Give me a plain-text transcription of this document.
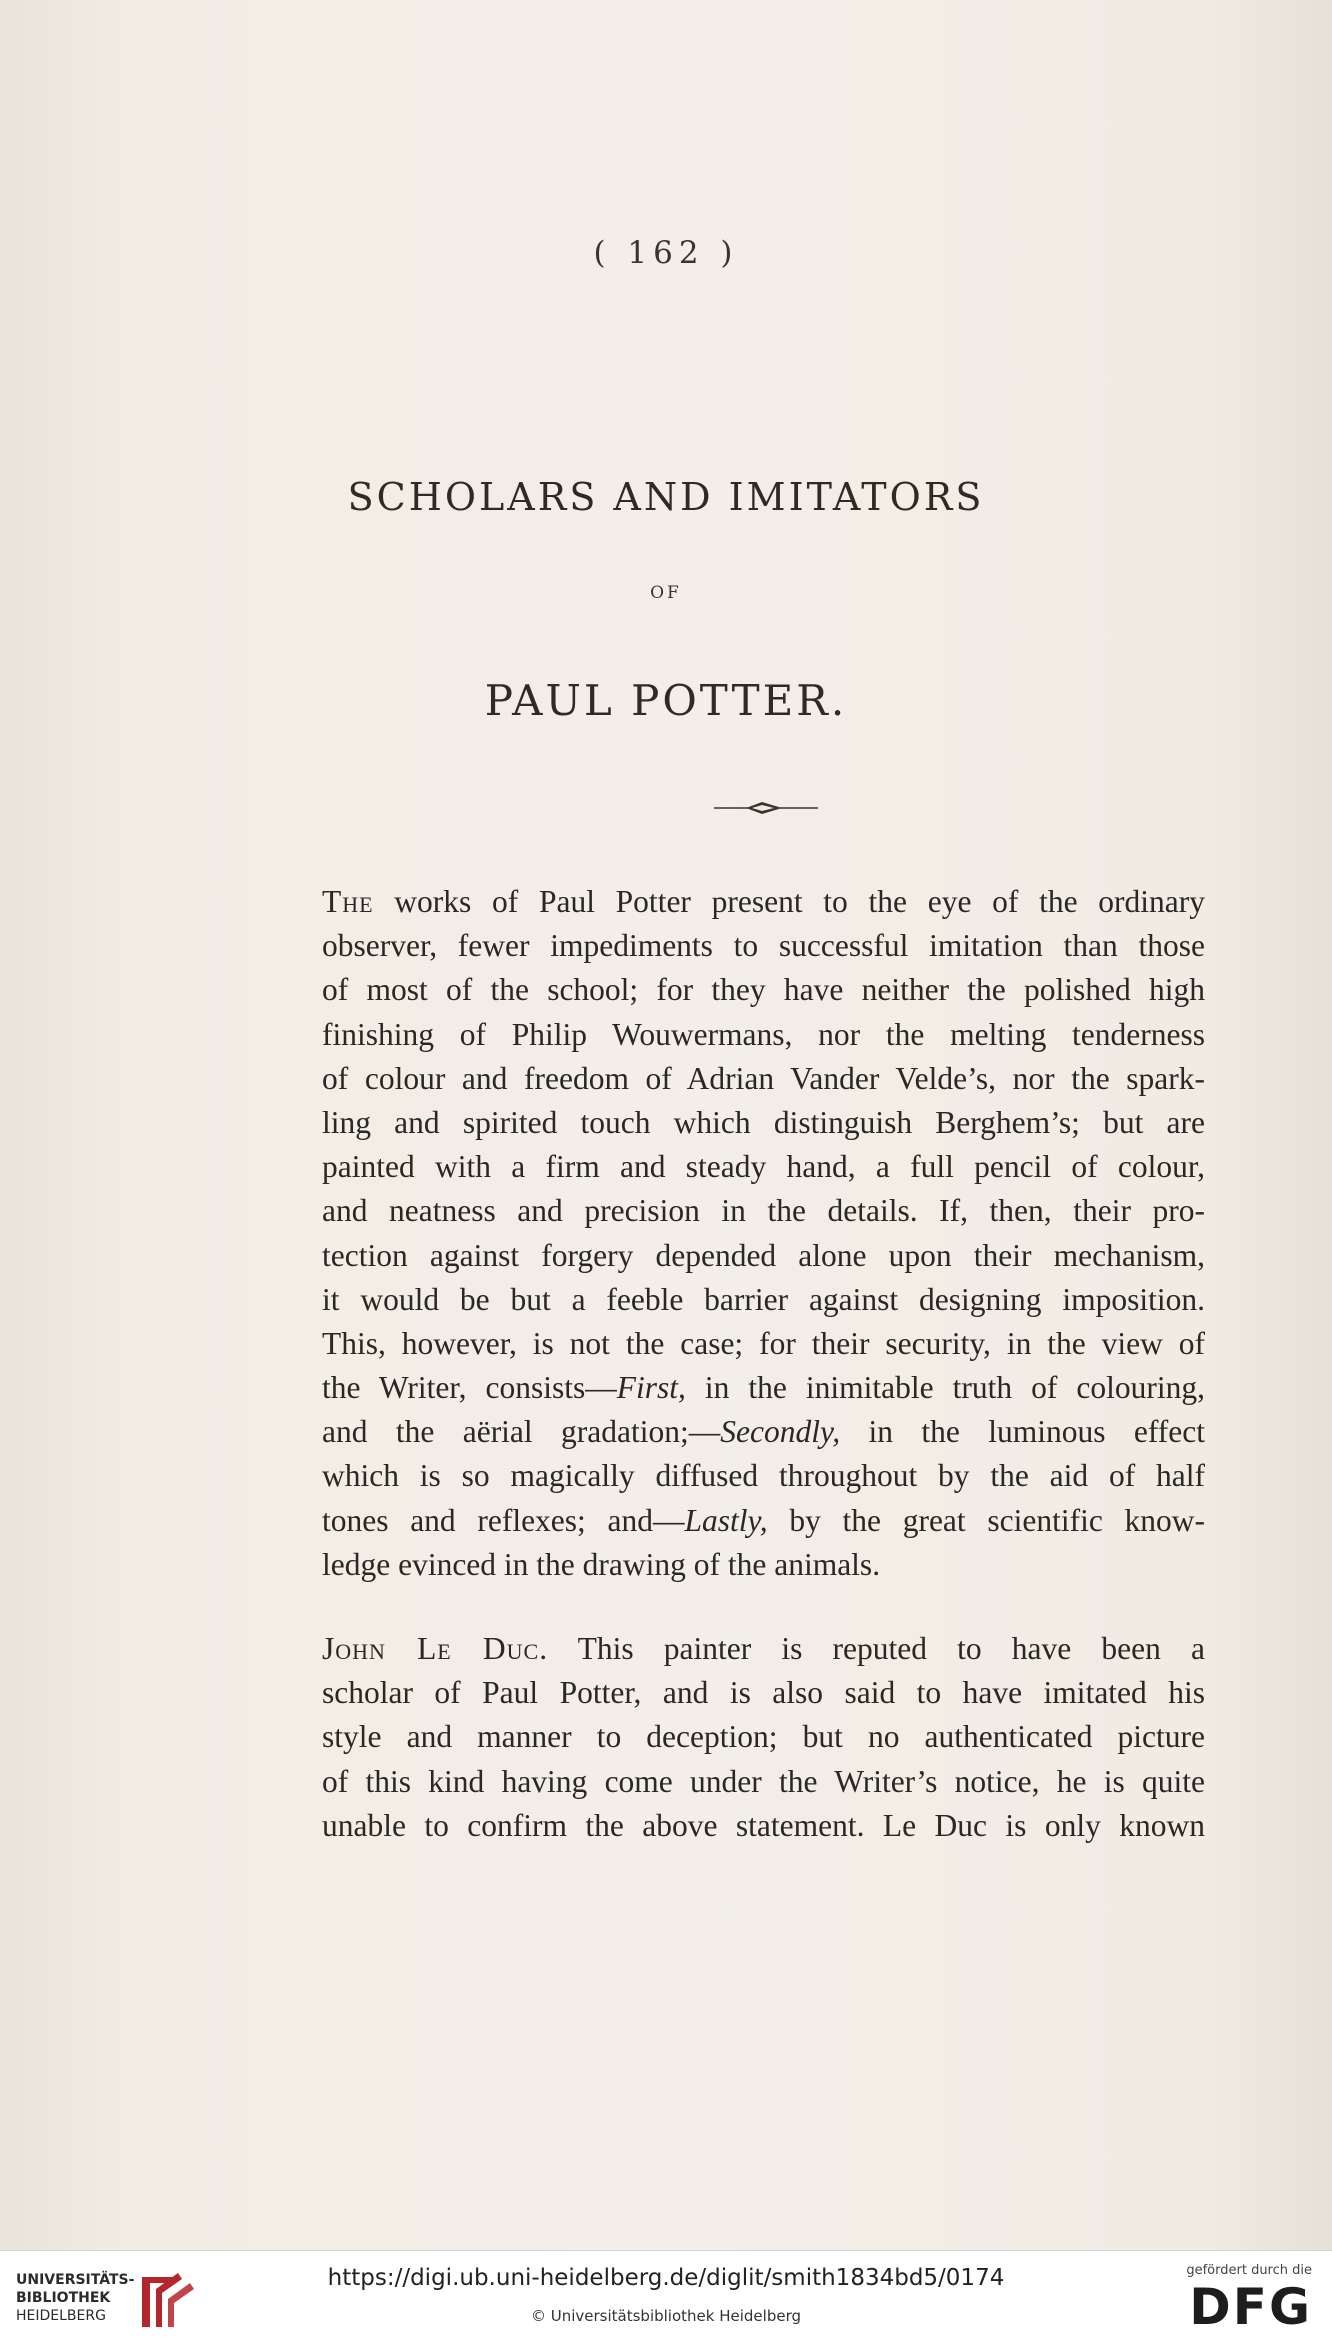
( 162 )
SCHOLARS AND IMITATORS
OF
PAUL POTTER.
The works of Paul Potter present to the eye of the ordinary
observer, fewer impediments to successful imitation than those
of most of the school; for they have neither the polished high
finishing of Philip Wouwermans, nor the melting tenderness
of colour and freedom of Adrian Vander Velde’s, nor the spark-
ling and spirited touch which distinguish Berghem’s; but are
painted with a firm and steady hand, a full pencil of colour,
and neatness and precision in the details. If, then, their pro-
tection against forgery depended alone upon their mechanism,
it would be but a feeble barrier against designing imposition.
This, however, is not the case; for their security, in the view of
the Writer, consists—First, in the inimitable truth of colouring,
and the aërial gradation;—Secondly, in the luminous effect
which is so magically diffused throughout by the aid of half
tones and reflexes; and—Lastly, by the great scientific know-
ledge evinced in the drawing of the animals.
John Le Duc. This painter is reputed to have been a
scholar of Paul Potter, and is also said to have imitated his
style and manner to deception; but no authenticated picture
of this kind having come under the Writer’s notice, he is quite
unable to confirm the above statement. Le Duc is only known
UNIVERSITÄTS-
BIBLIOTHEK
HEIDELBERG
https://digi.ub.uni-heidelberg.de/diglit/smith1834bd5/0174
© Universitätsbibliothek Heidelberg
gefördert durch die
DFG
